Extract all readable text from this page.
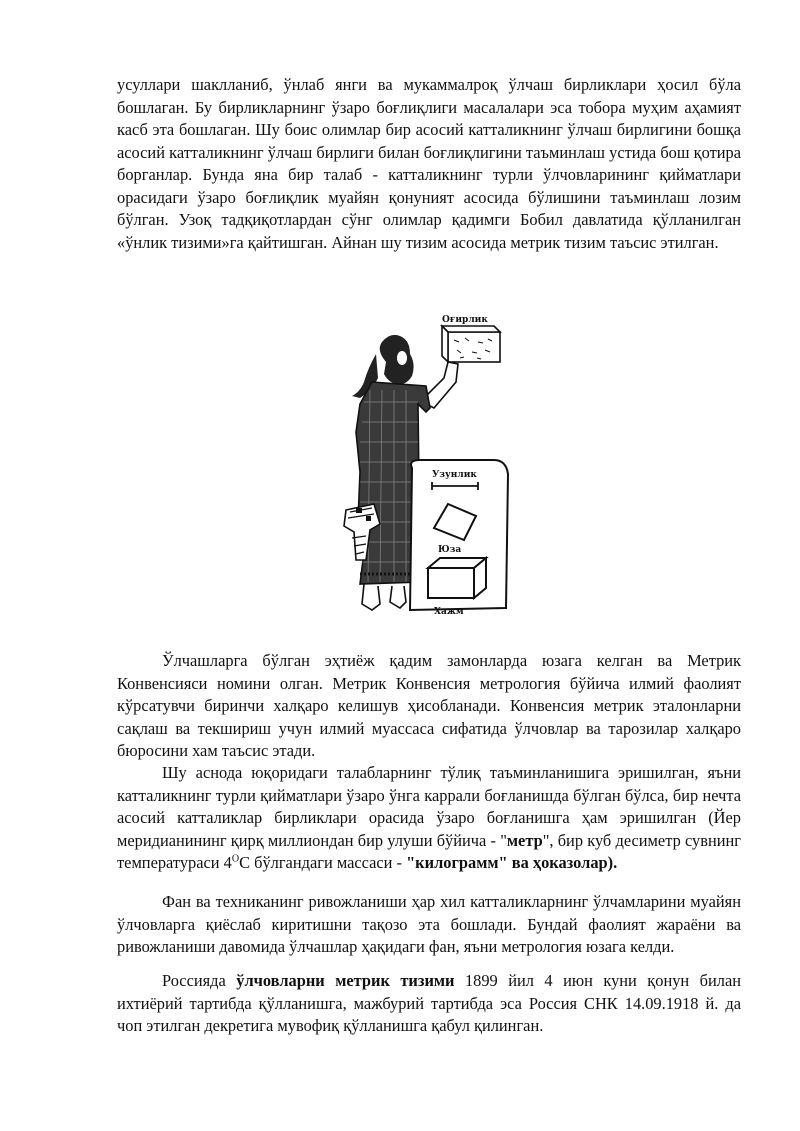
усуллари шаклланиб, ўнлаб янги ва мукаммалроқ ўлчаш бирликлари ҳосил бўла бошлаган. Бу бирликларнинг ўзаро боғлиқлиги масалалари эса тобора муҳим аҳамият касб эта бошлаган. Шу боис олимлар бир асосий катталикнинг ўлчаш бирлигини бошқа асосий катталикнинг ўлчаш бирлиги билан боғлиқлигини таъминлаш устида бош қотира борганлар. Бунда яна бир талаб - катталикнинг турли ўлчовларининг қийматлари орасидаги ўзаро боғлиқлик муайян қонуният асосида бўлишини таъминлаш лозим бўлган. Узоқ тадқиқотлардан сўнг олимлар қадимги Бобил давлатида қўлланилган «ўнлик тизими»га қайтишган. Айнан шу тизим асосида метрик тизим таъсис этилган.

Оғирлик
Узунлик
Юза
Хажм

Ўлчашларга бўлган эҳтиёж қадим замонларда юзага келган ва Метрик Конвенсияси номини олган. Метрик Конвенсия метрология бўйича илмий фаолият кўрсатувчи биринчи халқаро келишув ҳисобланади. Конвенсия метрик эталонларни сақлаш ва текшириш учун илмий муассаса сифатида ўлчовлар ва тарозилар халқаро бюросини хам таъсис этади.

Шу аснода юқоридаги талабларнинг тўлиқ таъминланишига эришилган, яъни катталикнинг турли қийматлари ўзаро ўнга каррали боғланишда бўлган бўлса, бир нечта асосий катталиклар бирликлари орасида ўзаро боғланишга ҳам эришилган (Йер меридианининг қирқ миллиондан бир улуши бўйича - "метр", бир куб десиметр сувнинг температураси $4^ОС$ бўлгандаги массаси - "килограмм" ва ҳоказолар).

Фан ва техниканинг ривожланиши ҳар хил катталикларнинг ўлчамларини муайян ўлчовларга қиёслаб киритишни тақозо эта бошлади. Бундай фаолият жараёни ва ривожланиши давомида ўлчашлар ҳақидаги фан, яъни метрология юзага келди.

Россияда ўлчовларни метрик тизими 1899 йил 4 июн куни қонун билан ихтиёрий тартибда қўлланишга, мажбурий тартибда эса Россия СНК 14.09.1918 й. да чоп этилган декретига мувофиқ қўлланишга қабул қилинган.
